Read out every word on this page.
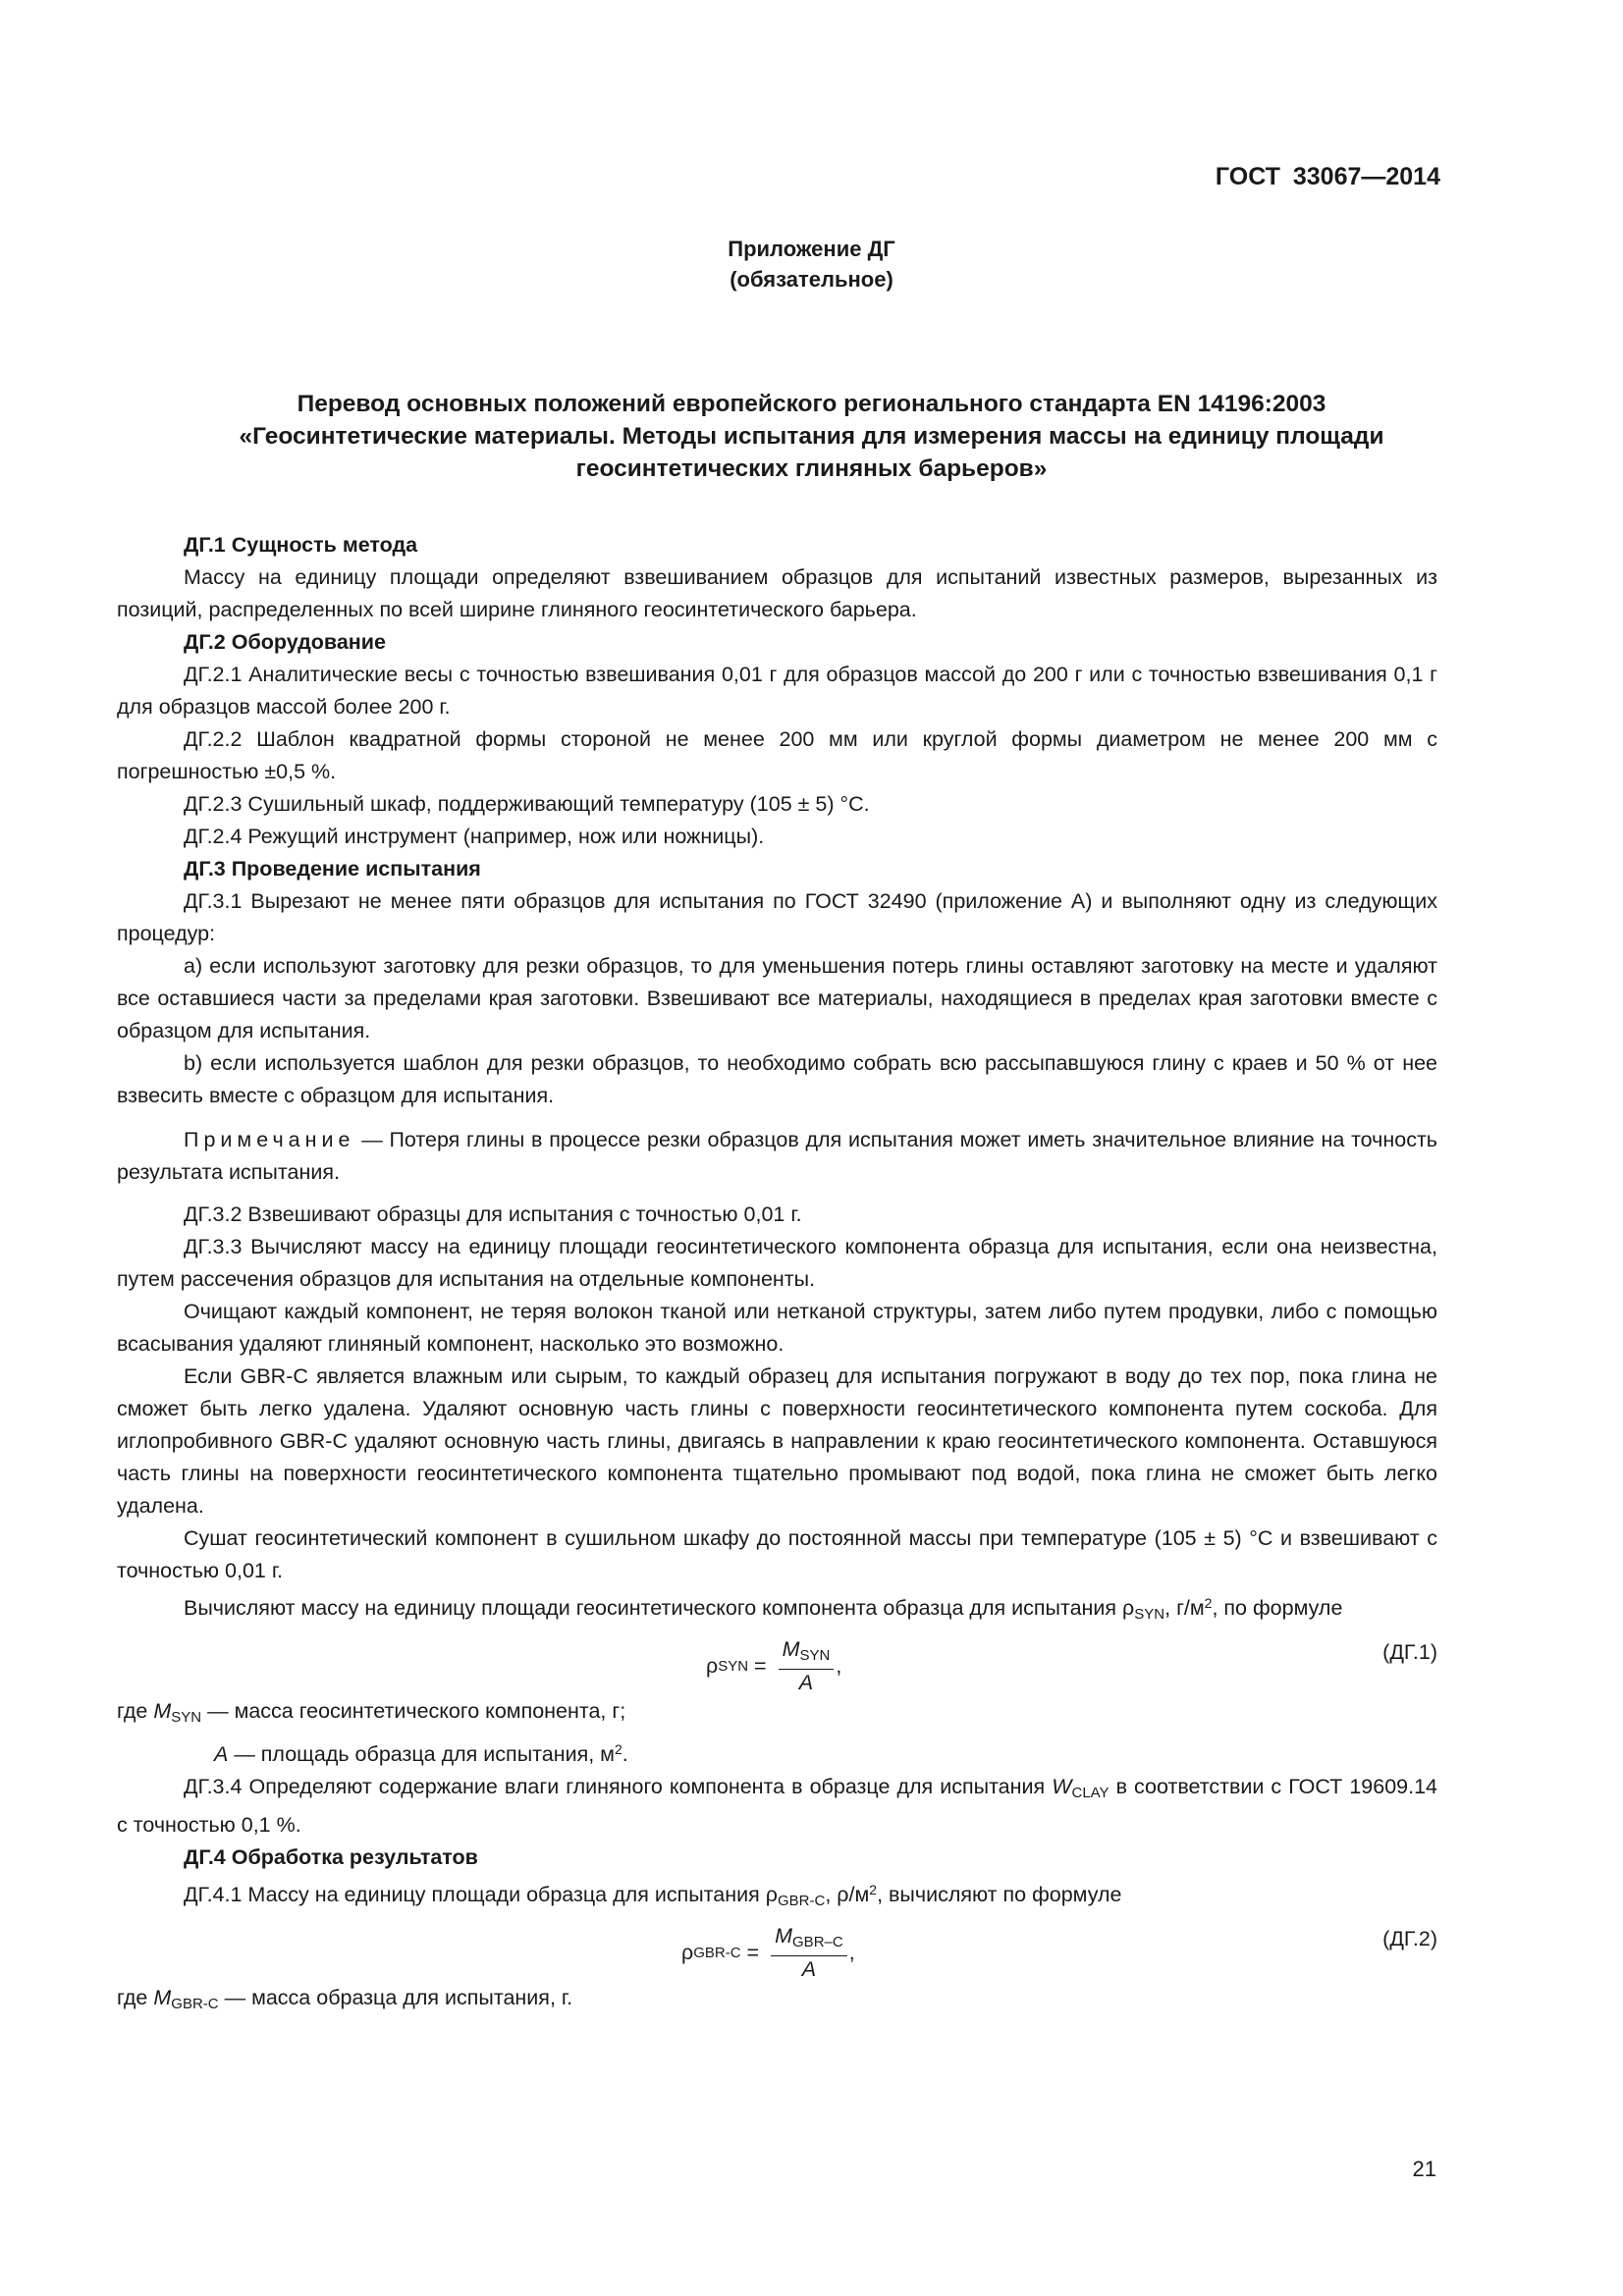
ГОСТ 33067—2014
Приложение ДГ
(обязательное)
Перевод основных положений европейского регионального стандарта EN 14196:2003
«Геосинтетические материалы. Методы испытания для измерения массы на единицу площади
геосинтетических глиняных барьеров»

ДГ.1 Сущность метода

Массу на единицу площади определяют взвешиванием образцов для испытаний известных размеров, вырезанных из позиций, распределенных по всей ширине глиняного геосинтетического барьера.

ДГ.2 Оборудование

ДГ.2.1 Аналитические весы с точностью взвешивания 0,01 г для образцов массой до 200 г или с точностью взвешивания 0,1 г для образцов массой более 200 г.

ДГ.2.2 Шаблон квадратной формы стороной не менее 200 мм или круглой формы диаметром не менее 200 мм с погрешностью ±0,5 %.

ДГ.2.3 Сушильный шкаф, поддерживающий температуру (105 ± 5) °С.

ДГ.2.4 Режущий инструмент (например, нож или ножницы).

ДГ.3 Проведение испытания

ДГ.3.1 Вырезают не менее пяти образцов для испытания по ГОСТ 32490 (приложение А) и выполняют одну из следующих процедур:

а) если используют заготовку для резки образцов, то для уменьшения потерь глины оставляют заготовку на месте и удаляют все оставшиеся части за пределами края заготовки. Взвешивают все материалы, находящиеся в пределах края заготовки вместе с образцом для испытания.

b) если используется шаблон для резки образцов, то необходимо собрать всю рассыпавшуюся глину с краев и 50 % от нее взвесить вместе с образцом для испытания.

Примечание — Потеря глины в процессе резки образцов для испытания может иметь значительное влияние на точность результата испытания.

ДГ.3.2 Взвешивают образцы для испытания с точностью 0,01 г.

ДГ.3.3 Вычисляют массу на единицу площади геосинтетического компонента образца для испытания, если она неизвестна, путем рассечения образцов для испытания на отдельные компоненты.

Очищают каждый компонент, не теряя волокон тканой или нетканой структуры, затем либо путем продувки, либо с помощью всасывания удаляют глиняный компонент, насколько это возможно.

Если GBR-C является влажным или сырым, то каждый образец для испытания погружают в воду до тех пор, пока глина не сможет быть легко удалена. Удаляют основную часть глины с поверхности геосинтетического компонента путем соскоба. Для иглопробивного GBR-C удаляют основную часть глины, двигаясь в направлении к краю геосинтетического компонента. Оставшуюся часть глины на поверхности геосинтетического компонента тщательно промывают под водой, пока глина не сможет быть легко удалена.

Сушат геосинтетический компонент в сушильном шкафу до постоянной массы при температуре (105 ± 5) °С и взвешивают с точностью 0,01 г.

Вычисляют массу на единицу площади геосинтетического компонента образца для испытания $\rho_{SYN}$, $г/м^2$, по формуле

ρ SYN = $\frac{M_{SYN}}{A}$ ,
(ДГ.1)

где $M_{SYN}$ — масса геосинтетического компонента, г;

A — площадь образца для испытания, $м^2$.

ДГ.3.4 Определяют содержание влаги глиняного компонента в образце для испытания $W_{CLAY}$ в соответствии с ГОСТ 19609.14 с точностью 0,1 %.

ДГ.4 Обработка результатов

ДГ.4.1 Массу на единицу площади образца для испытания $\rho_{GBR-C}$, $\rho/м^2$, вычисляют по формуле

ρ $GBR-C = \frac{M_{GBR-C}}{A}$ ,
(ДГ.2)

где $M_{GBR-C}$ — масса образца для испытания, г.

21
